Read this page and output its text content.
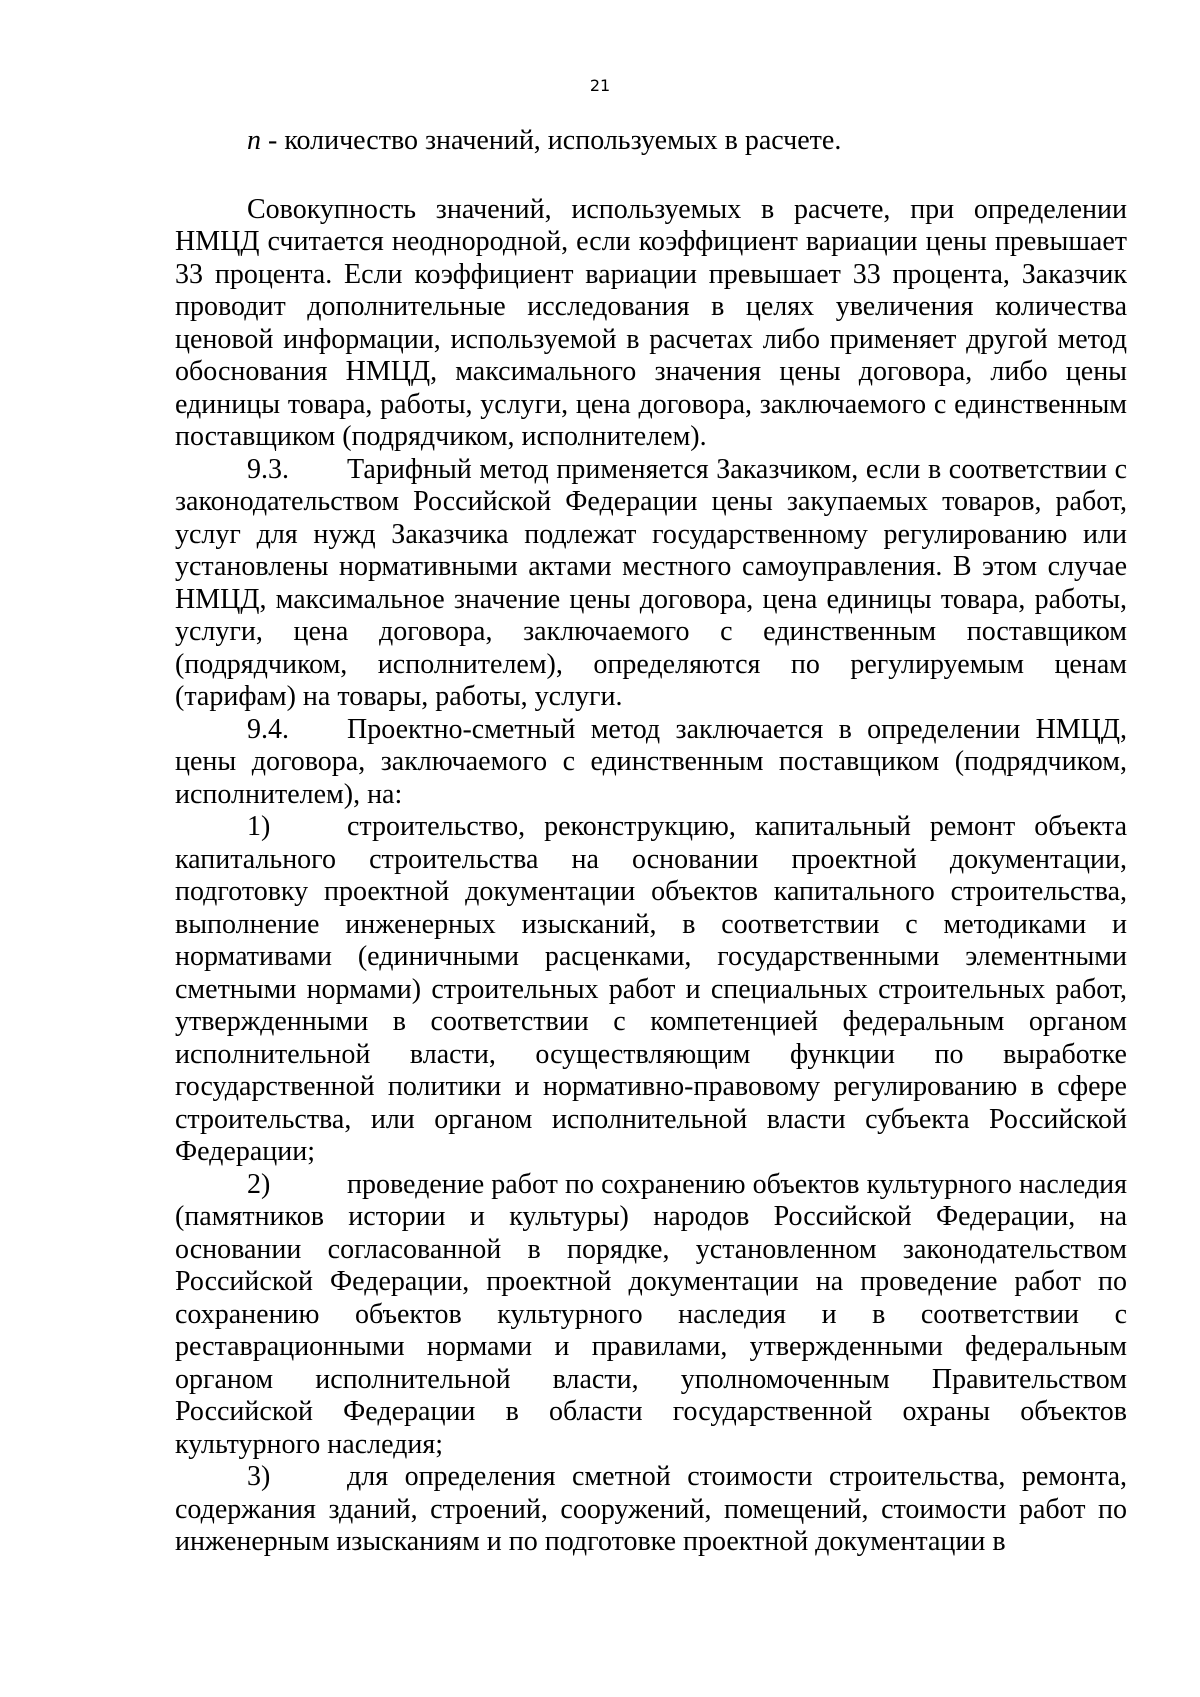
21

n - количество значений, используемых в расчете.

Совокупность значений, используемых в расчете, при определении НМЦД считается неоднородной, если коэффициент вариации цены превышает 33 процента. Если коэффициент вариации превышает 33 процента, Заказчик проводит дополнительные исследования в целях увеличения количества ценовой информации, используемой в расчетах либо применяет другой метод обоснования НМЦД, максимального значения цены договора, либо цены единицы товара, работы, услуги, цена договора, заключаемого с единственным поставщиком (подрядчиком, исполнителем).

9.3. Тарифный метод применяется Заказчиком, если в соответствии с законодательством Российской Федерации цены закупаемых товаров, работ, услуг для нужд Заказчика подлежат государственному регулированию или установлены нормативными актами местного самоуправления. В этом случае НМЦД, максимальное значение цены договора, цена единицы товара, работы, услуги, цена договора, заключаемого с единственным поставщиком (подрядчиком, исполнителем), определяются по регулируемым ценам (тарифам) на товары, работы, услуги.

9.4. Проектно-сметный метод заключается в определении НМЦД, цены договора, заключаемого с единственным поставщиком (подрядчиком, исполнителем), на:

1)	строительство, реконструкцию, капитальный ремонт объекта капитального строительства на основании проектной документации, подготовку проектной документации объектов капитального строительства, выполнение инженерных изысканий, в соответствии с методиками и нормативами (единичными расценками, государственными элементными сметными нормами) строительных работ и специальных строительных работ, утвержденными в соответствии с компетенцией федеральным органом исполнительной власти, осуществляющим функции по выработке государственной политики и нормативно-правовому регулированию в сфере строительства, или органом исполнительной власти субъекта Российской Федерации;

2)	проведение работ по сохранению объектов культурного наследия (памятников истории и культуры) народов Российской Федерации, на основании согласованной в порядке, установленном законодательством Российской Федерации, проектной документации на проведение работ по сохранению объектов культурного наследия и в соответствии с реставрационными нормами и правилами, утвержденными федеральным органом исполнительной власти, уполномоченным Правительством Российской Федерации в области государственной охраны объектов культурного наследия;

3)	для определения сметной стоимости строительства, ремонта, содержания зданий, строений, сооружений, помещений, стоимости работ по инженерным изысканиям и по подготовке проектной документации в
